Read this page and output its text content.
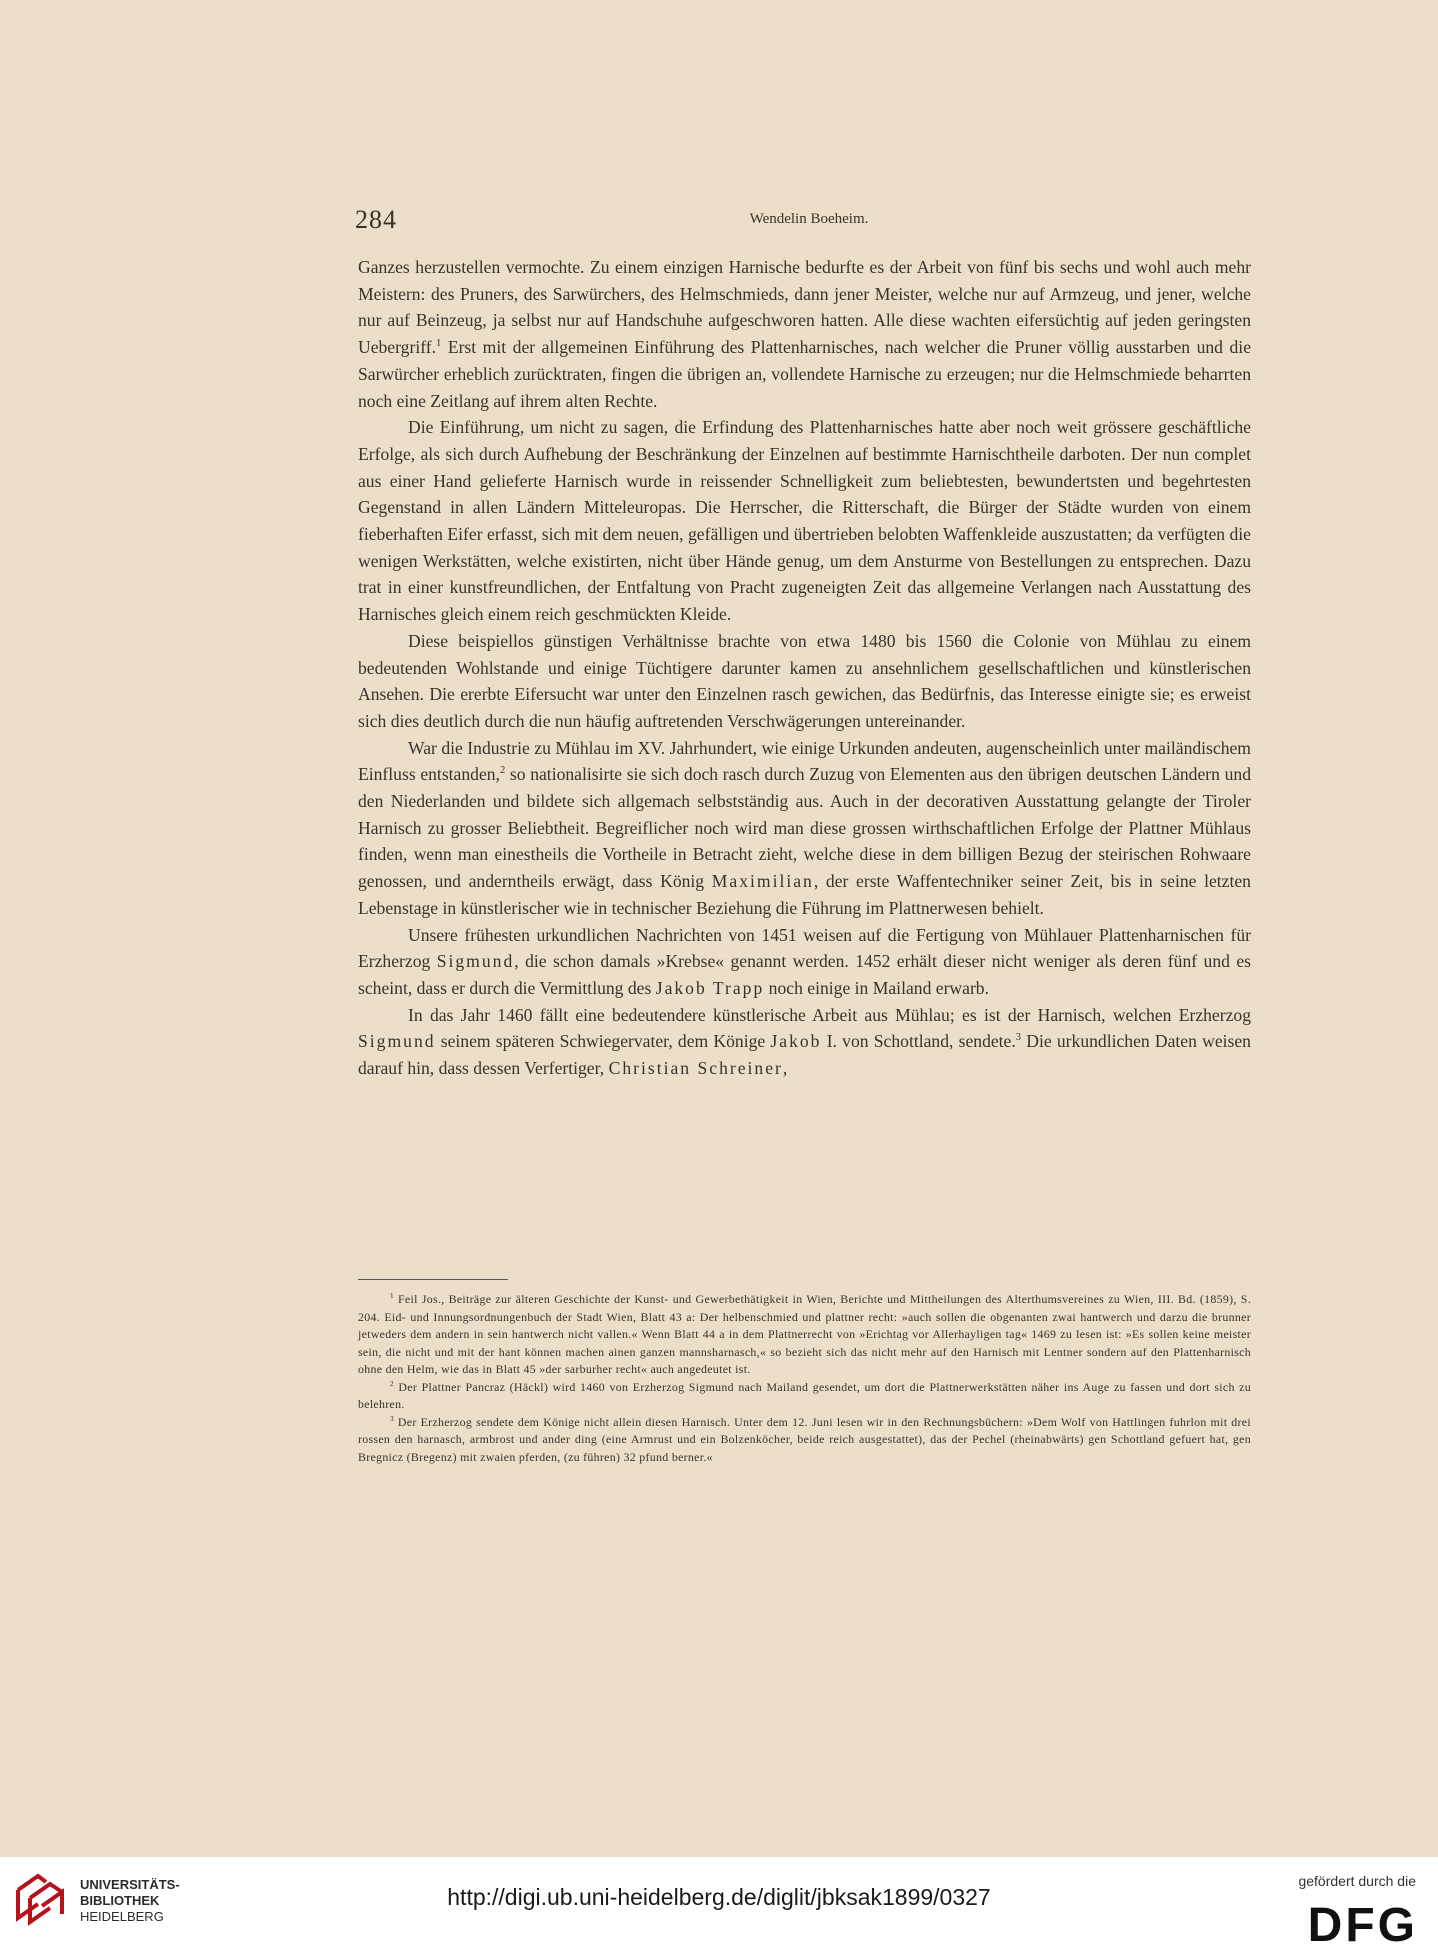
284	Wendelin Boeheim.

Ganzes herzustellen vermochte. Zu einem einzigen Harnische bedurfte es der Arbeit von fünf bis sechs und wohl auch mehr Meistern: des Pruners, des Sarwürchers, des Helmschmieds, dann jener Meister, welche nur auf Armzeug, und jener, welche nur auf Beinzeug, ja selbst nur auf Handschuhe aufgeschworen hatten. Alle diese wachten eifersüchtig auf jeden geringsten Uebergriff.$^1$ Erst mit der allgemeinen Einführung des Plattenharnisches, nach welcher die Pruner völlig ausstarben und die Sarwürcher erheblich zurücktraten, fingen die übrigen an, vollendete Harnische zu erzeugen; nur die Helmschmiede beharrten noch eine Zeitlang auf ihrem alten Rechte.

Die Einführung, um nicht zu sagen, die Erfindung des Plattenharnisches hatte aber noch weit grössere geschäftliche Erfolge, als sich durch Aufhebung der Beschränkung der Einzelnen auf bestimmte Harnischtheile darboten. Der nun complet aus einer Hand gelieferte Harnisch wurde in reissender Schnelligkeit zum beliebtesten, bewundertsten und begehrtesten Gegenstand in allen Ländern Mitteleuropas. Die Herrscher, die Ritterschaft, die Bürger der Städte wurden von einem fieberhaften Eifer erfasst, sich mit dem neuen, gefälligen und übertrieben belobten Waffenkleide auszustatten; da verfügten die wenigen Werkstätten, welche existirten, nicht über Hände genug, um dem Ansturme von Bestellungen zu entsprechen. Dazu trat in einer kunstfreundlichen, der Entfaltung von Pracht zugeneigten Zeit das allgemeine Verlangen nach Ausstattung des Harnisches gleich einem reich geschmückten Kleide.

Diese beispiellos günstigen Verhältnisse brachte von etwa 1480 bis 1560 die Colonie von Mühlau zu einem bedeutenden Wohlstande und einige Tüchtigere darunter kamen zu ansehnlichem gesellschaftlichen und künstlerischen Ansehen. Die ererbte Eifersucht war unter den Einzelnen rasch gewichen, das Bedürfnis, das Interesse einigte sie; es erweist sich dies deutlich durch die nun häufig auftretenden Verschwägerungen untereinander.

War die Industrie zu Mühlau im XV. Jahrhundert, wie einige Urkunden andeuten, augenscheinlich unter mailändischem Einfluss entstanden,$^2$ so nationalisirte sie sich doch rasch durch Zuzug von Elementen aus den übrigen deutschen Ländern und den Niederlanden und bildete sich allgemach selbstständig aus. Auch in der decorativen Ausstattung gelangte der Tiroler Harnisch zu grosser Beliebtheit. Begreiflicher noch wird man diese grossen wirthschaftlichen Erfolge der Plattner Mühlaus finden, wenn man einestheils die Vortheile in Betracht zieht, welche diese in dem billigen Bezug der steirischen Rohwaare genossen, und anderntheils erwägt, dass König Maximilian, der erste Waffentechniker seiner Zeit, bis in seine letzten Lebenstage in künstlerischer wie in technischer Beziehung die Führung im Plattnerwesen behielt.

Unsere frühesten urkundlichen Nachrichten von 1451 weisen auf die Fertigung von Mühlauer Plattenharnischen für Erzherzog Sigmund, die schon damals »Krebse« genannt werden. 1452 erhält dieser nicht weniger als deren fünf und es scheint, dass er durch die Vermittlung des Jakob Trapp noch einige in Mailand erwarb.

In das Jahr 1460 fällt eine bedeutendere künstlerische Arbeit aus Mühlau; es ist der Harnisch, welchen Erzherzog Sigmund seinem späteren Schwiegervater, dem Könige Jakob I. von Schottland, sendete.$^3$ Die urkundlichen Daten weisen darauf hin, dass dessen Verfertiger, Christian Schreiner,

$^1$ Feil Jos., Beiträge zur älteren Geschichte der Kunst- und Gewerbethätigkeit in Wien, Berichte und Mittheilungen des Alterthumsvereines zu Wien, III. Bd. (1859), S. 204. Eid- und Innungsordnungenbuch der Stadt Wien, Blatt 43 a: Der helbenschmied und plattner recht: »auch sollen die obgenanten zwai hantwerch und darzu die brunner jetweders dem andern in sein hantwerch nicht vallen.« Wenn Blatt 44 a in dem Plattnerrecht von »Erichtag vor Allerhayligen tag« 1469 zu lesen ist: »Es sollen keine meister sein, die nicht und mit der hant können machen ainen ganzen mannsharnasch,« so bezieht sich das nicht mehr auf den Harnisch mit Lentner sondern auf den Plattenharnisch ohne den Helm, wie das in Blatt 45 »der sarburher recht« auch angedeutet ist.

$^2$ Der Plattner Pancraz (Häckl) wird 1460 von Erzherzog Sigmund nach Mailand gesendet, um dort die Plattnerwerkstätten näher ins Auge zu fassen und dort sich zu belehren.

$^3$ Der Erzherzog sendete dem Könige nicht allein diesen Harnisch. Unter dem 12. Juni lesen wir in den Rechnungsbüchern: »Dem Wolf von Hattlingen fuhrlon mit drei rossen den harnasch, armbrost und ander ding (eine Armrust und ein Bolzenköcher, beide reich ausgestattet), das der Pechel (rheinabwärts) gen Schottland gefuert hat, gen Bregnicz (Bregenz) mit zwaien pferden, (zu führen) 32 pfund berner.«

UNIVERSITÄTS-
BIBLIOTHEK
HEIDELBERG
http://digi.ub.uni-heidelberg.de/diglit/jbksak1899/0327
gefördert durch die
DFG
